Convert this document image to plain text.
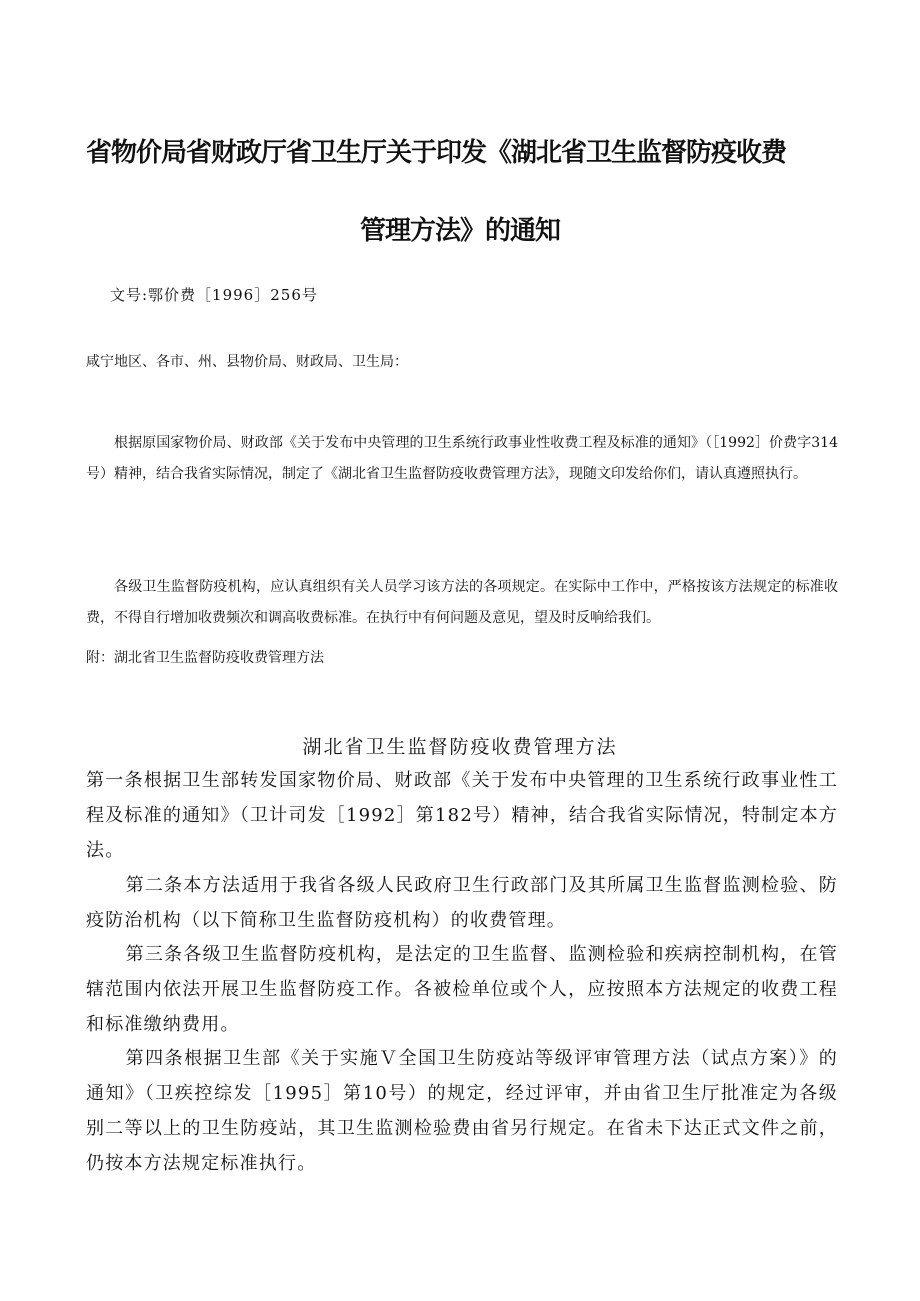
省物价局省财政厅省卫生厅关于印发《湖北省卫生监督防疫收费
管理方法》的通知
文号:鄂价费［1996］256号
咸宁地区、各市、州、县物价局、财政局、卫生局：
根据原国家物价局、财政部《关于发布中央管理的卫生系统行政事业性收费工程及标准的通知》（［1992］价费字314号）精神，结合我省实际情况，制定了《湖北省卫生监督防疫收费管理方法》，现随文印发给你们，请认真遵照执行。
各级卫生监督防疫机构，应认真组织有关人员学习该方法的各项规定。在实际中工作中，严格按该方法规定的标准收费，不得自行增加收费频次和调高收费标准。在执行中有何问题及意见，望及时反响给我们。
附：湖北省卫生监督防疫收费管理方法
湖北省卫生监督防疫收费管理方法
第一条根据卫生部转发国家物价局、财政部《关于发布中央管理的卫生系统行政事业性工程及标准的通知》（卫计司发［1992］第182号）精神，结合我省实际情况，特制定本方法。
第二条本方法适用于我省各级人民政府卫生行政部门及其所属卫生监督监测检验、防疫防治机构（以下简称卫生监督防疫机构）的收费管理。
第三条各级卫生监督防疫机构，是法定的卫生监督、监测检验和疾病控制机构，在管辖范围内依法开展卫生监督防疫工作。各被检单位或个人，应按照本方法规定的收费工程和标准缴纳费用。
第四条根据卫生部《关于实施Ｖ全国卫生防疫站等级评审管理方法（试点方案）》的通知》（卫疾控综发［1995］第10号）的规定，经过评审，并由省卫生厅批准定为各级别二等以上的卫生防疫站，其卫生监测检验费由省另行规定。在省未下达正式文件之前，仍按本方法规定标准执行。
